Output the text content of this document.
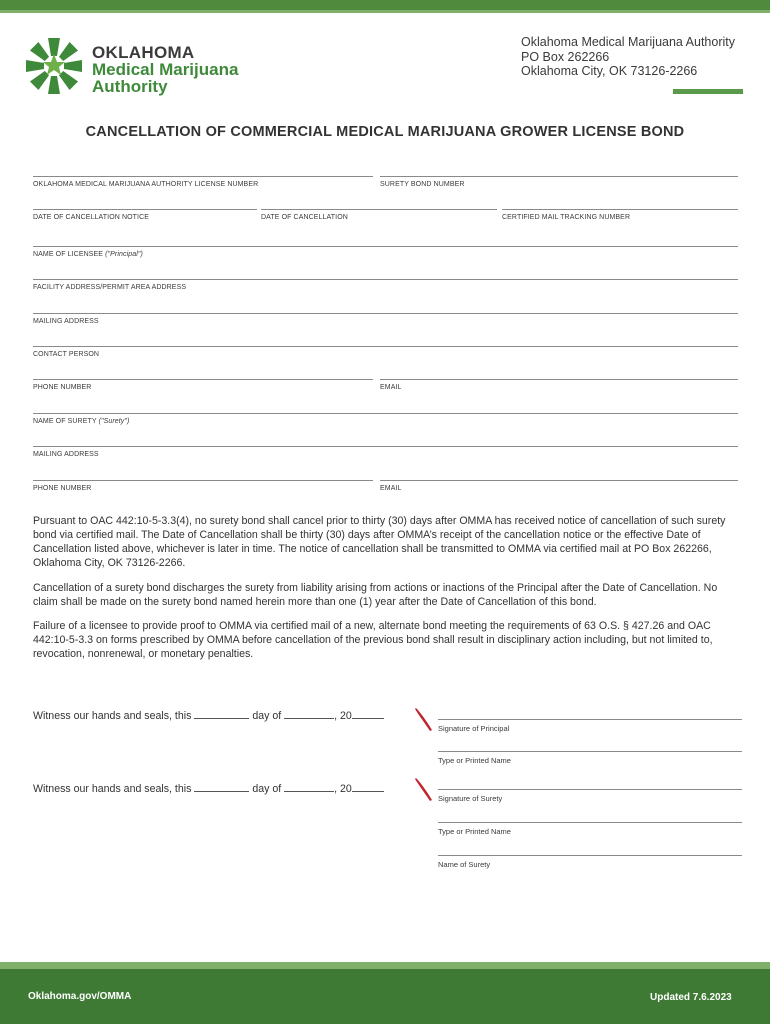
OKLAHOMA
Medical Marijuana
Authority
Oklahoma Medical Marijuana Authority
PO Box 262266
Oklahoma City, OK 73126-2266
CANCELLATION OF COMMERCIAL MEDICAL MARIJUANA GROWER LICENSE BOND
OKLAHOMA MEDICAL MARIJUANA AUTHORITY LICENSE NUMBER	SURETY BOND NUMBER
DATE OF CANCELLATION NOTICE	DATE OF CANCELLATION	CERTIFIED MAIL TRACKING NUMBER
NAME OF LICENSEE ("Principal")
FACILITY ADDRESS/PERMIT AREA ADDRESS
MAILING ADDRESS
CONTACT PERSON
PHONE NUMBER	EMAIL
NAME OF SURETY ("Surety")
MAILING ADDRESS
PHONE NUMBER	EMAIL
Pursuant to OAC 442:10-5-3.3(4), no surety bond shall cancel prior to thirty (30) days after OMMA has received notice of cancellation of such surety bond via certified mail. The Date of Cancellation shall be thirty (30) days after OMMA’s receipt of the cancellation notice or the effective Date of Cancellation listed above, whichever is later in time. The notice of cancellation shall be transmitted to OMMA via certified mail at PO Box 262266, Oklahoma City, OK 73126-2266.
Cancellation of a surety bond discharges the surety from liability arising from actions or inactions of the Principal after the Date of Cancellation. No claim shall be made on the surety bond named herein more than one (1) year after the Date of Cancellation of this bond.
Failure of a licensee to provide proof to OMMA via certified mail of a new, alternate bond meeting the requirements of 63 O.S. § 427.26 and OAC 442:10-5-3.3 on forms prescribed by OMMA before cancellation of the previous bond shall result in disciplinary action including, but not limited to, revocation, nonrenewal, or monetary penalties.
Witness our hands and seals, this	day of	, 20
Witness our hands and seals, this	day of	, 20
Signature of Principal
Type or Printed Name
Signature of Surety
Type or Printed Name
Name of Surety
Oklahoma.gov/OMMA	Updated 7.6.2023
